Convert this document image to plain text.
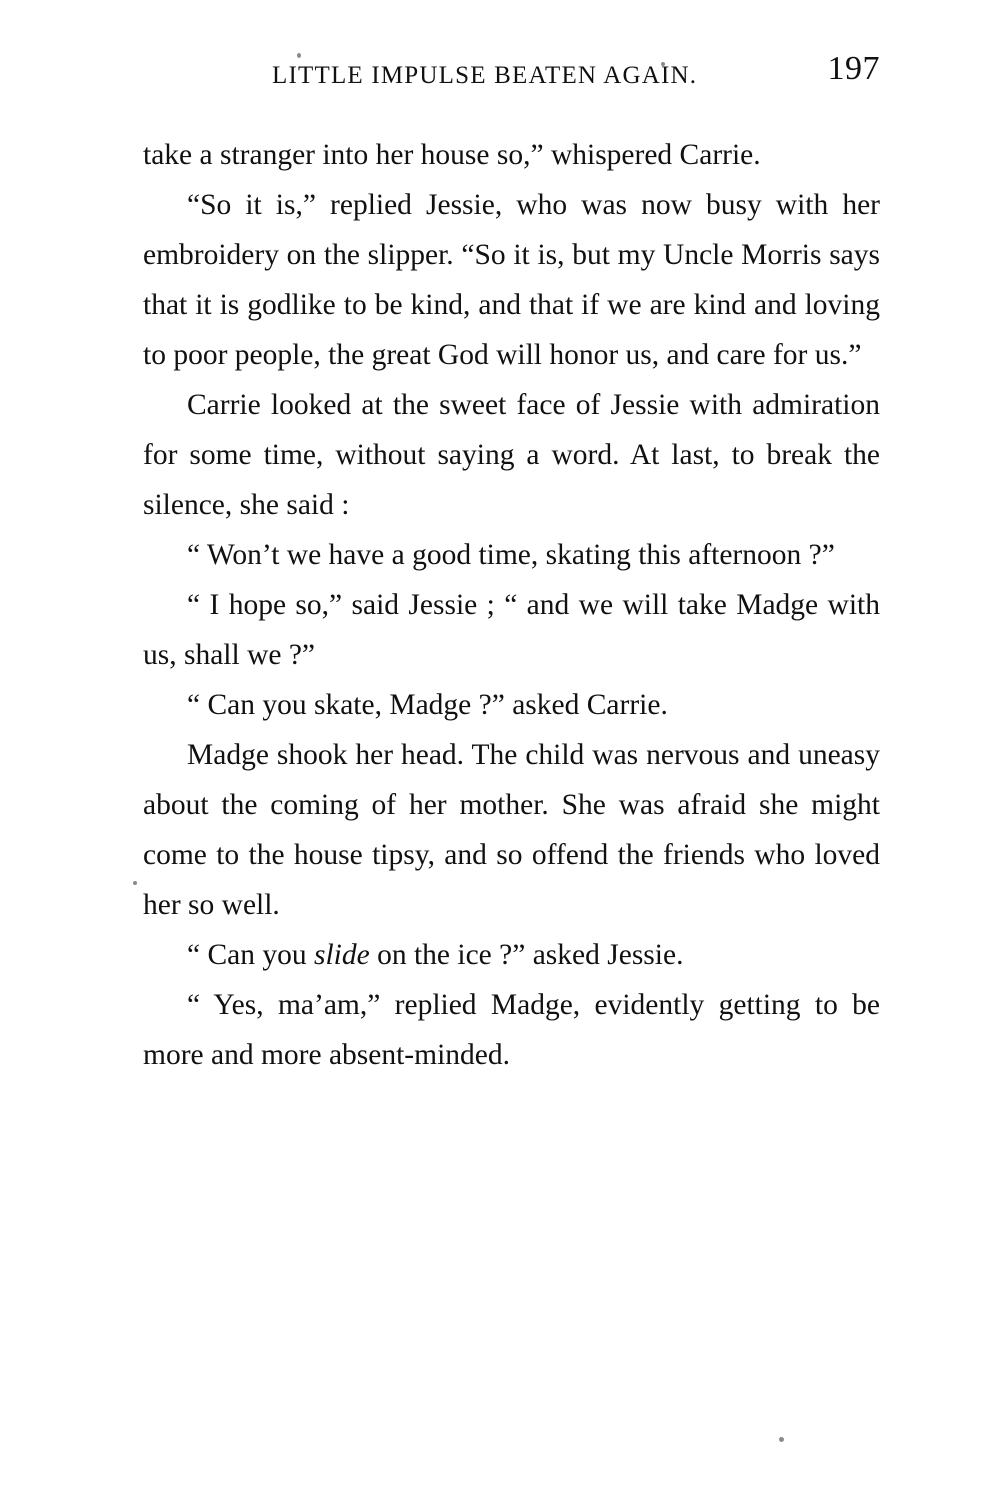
LITTLE IMPULSE BEATEN AGAIN.	197

take a stranger into her house so,” whispered Carrie.

“So it is,” replied Jessie, who was now busy with her embroidery on the slipper. “So it is, but my Uncle Morris says that it is godlike to be kind, and that if we are kind and loving to poor people, the great God will honor us, and care for us.”

Carrie looked at the sweet face of Jessie with admiration for some time, without saying a word. At last, to break the silence, she said :

“ Won’t we have a good time, skating this afternoon ?”

“ I hope so,” said Jessie ; “ and we will take Madge with us, shall we ?”

“ Can you skate, Madge ?” asked Carrie.

Madge shook her head. The child was nervous and uneasy about the coming of her mother. She was afraid she might come to the house tipsy, and so offend the friends who loved her so well.

“ Can you slide on the ice ?” asked Jessie.

“ Yes, ma’am,” replied Madge, evidently getting to be more and more absent-minded.
